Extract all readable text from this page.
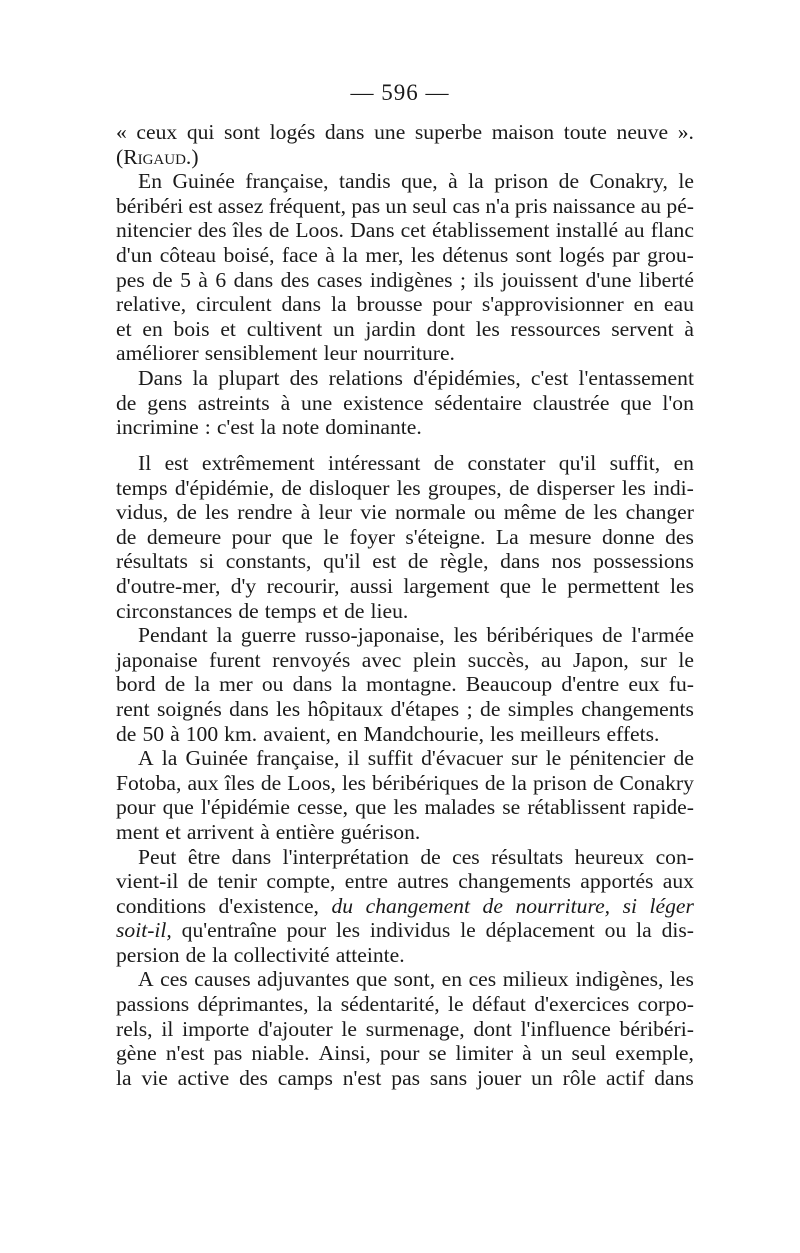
— 596 —
« ceux qui sont logés dans une superbe maison toute neuve ».
(Rigaud.)
En Guinée française, tandis que, à la prison de Conakry, le
béribéri est assez fréquent, pas un seul cas n'a pris naissance au pé-
nitencier des îles de Loos. Dans cet établissement installé au flanc
d'un côteau boisé, face à la mer, les détenus sont logés par grou-
pes de 5 à 6 dans des cases indigènes ; ils jouissent d'une liberté
relative, circulent dans la brousse pour s'approvisionner en eau
et en bois et cultivent un jardin dont les ressources servent à
améliorer sensiblement leur nourriture.
Dans la plupart des relations d'épidémies, c'est l'entassement
de gens astreints à une existence sédentaire claustrée que l'on
incrimine : c'est la note dominante.
Il est extrêmement intéressant de constater qu'il suffit, en
temps d'épidémie, de disloquer les groupes, de disperser les indi-
vidus, de les rendre à leur vie normale ou même de les changer
de demeure pour que le foyer s'éteigne. La mesure donne des
résultats si constants, qu'il est de règle, dans nos possessions
d'outre-mer, d'y recourir, aussi largement que le permettent les
circonstances de temps et de lieu.
Pendant la guerre russo-japonaise, les béribériques de l'armée
japonaise furent renvoyés avec plein succès, au Japon, sur le
bord de la mer ou dans la montagne. Beaucoup d'entre eux fu-
rent soignés dans les hôpitaux d'étapes ; de simples changements
de 50 à 100 km. avaient, en Mandchourie, les meilleurs effets.
A la Guinée française, il suffit d'évacuer sur le pénitencier de
Fotoba, aux îles de Loos, les béribériques de la prison de Conakry
pour que l'épidémie cesse, que les malades se rétablissent rapide-
ment et arrivent à entière guérison.
Peut être dans l'interprétation de ces résultats heureux con-
vient-il de tenir compte, entre autres changements apportés aux
conditions d'existence, du changement de nourriture, si léger
soit-il, qu'entraîne pour les individus le déplacement ou la dis-
persion de la collectivité atteinte.
A ces causes adjuvantes que sont, en ces milieux indigènes, les
passions déprimantes, la sédentarité, le défaut d'exercices corpo-
rels, il importe d'ajouter le surmenage, dont l'influence béribéri-
gène n'est pas niable. Ainsi, pour se limiter à un seul exemple,
la vie active des camps n'est pas sans jouer un rôle actif dans
